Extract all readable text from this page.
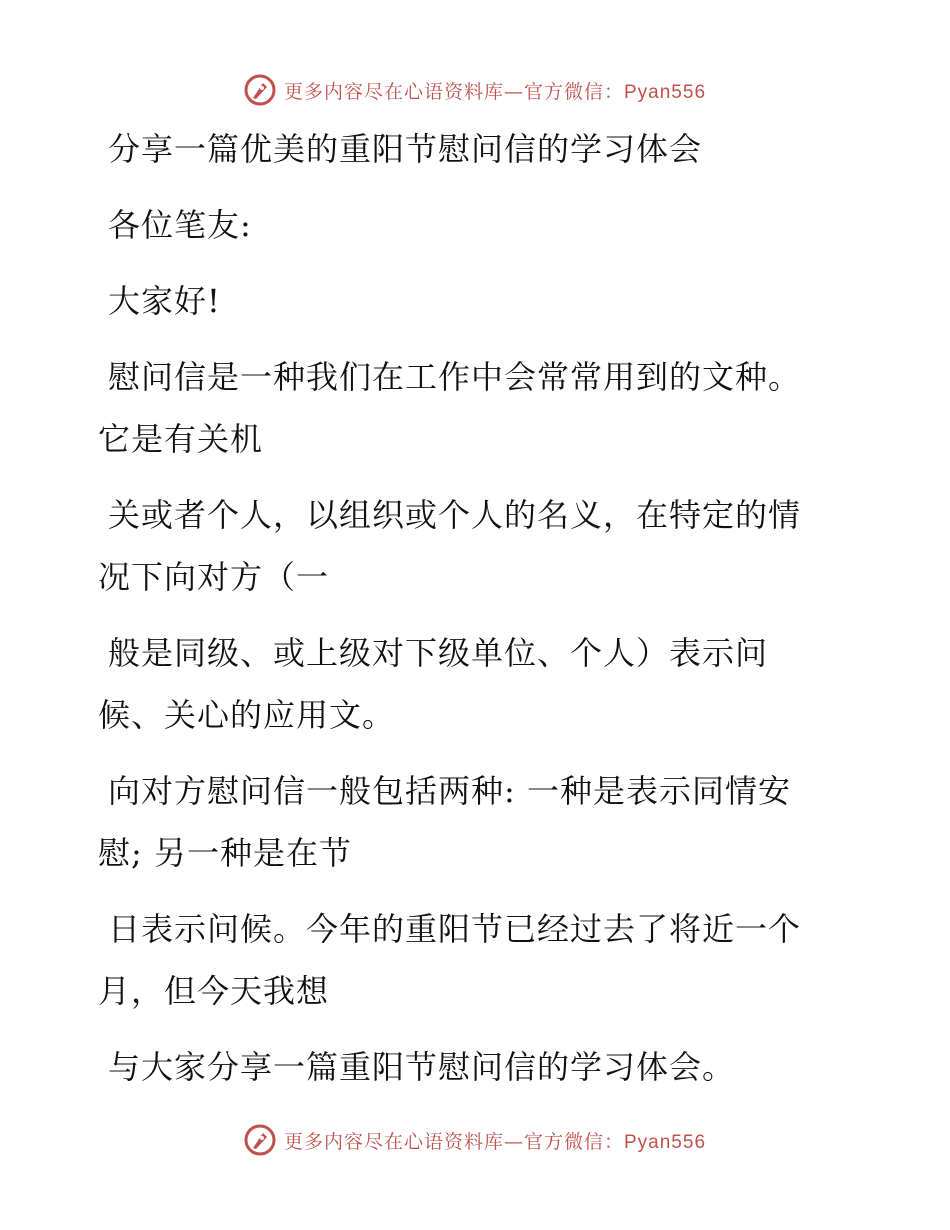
更多内容尽在心语资料库—官方微信：Pyan556
分享一篇优美的重阳节慰问信的学习体会
各位笔友:
大家好!
慰问信是一种我们在工作中会常常用到的文种。
它是有关机
关或者个人，以组织或个人的名义，在特定的情
况下向对方（一
般是同级、或上级对下级单位、个人）表示问
候、关心的应用文。
向对方慰问信一般包括两种: 一种是表示同情安
慰; 另一种是在节
日表示问候。今年的重阳节已经过去了将近一个
月，但今天我想
与大家分享一篇重阳节慰问信的学习体会。
更多内容尽在心语资料库—官方微信：Pyan556
